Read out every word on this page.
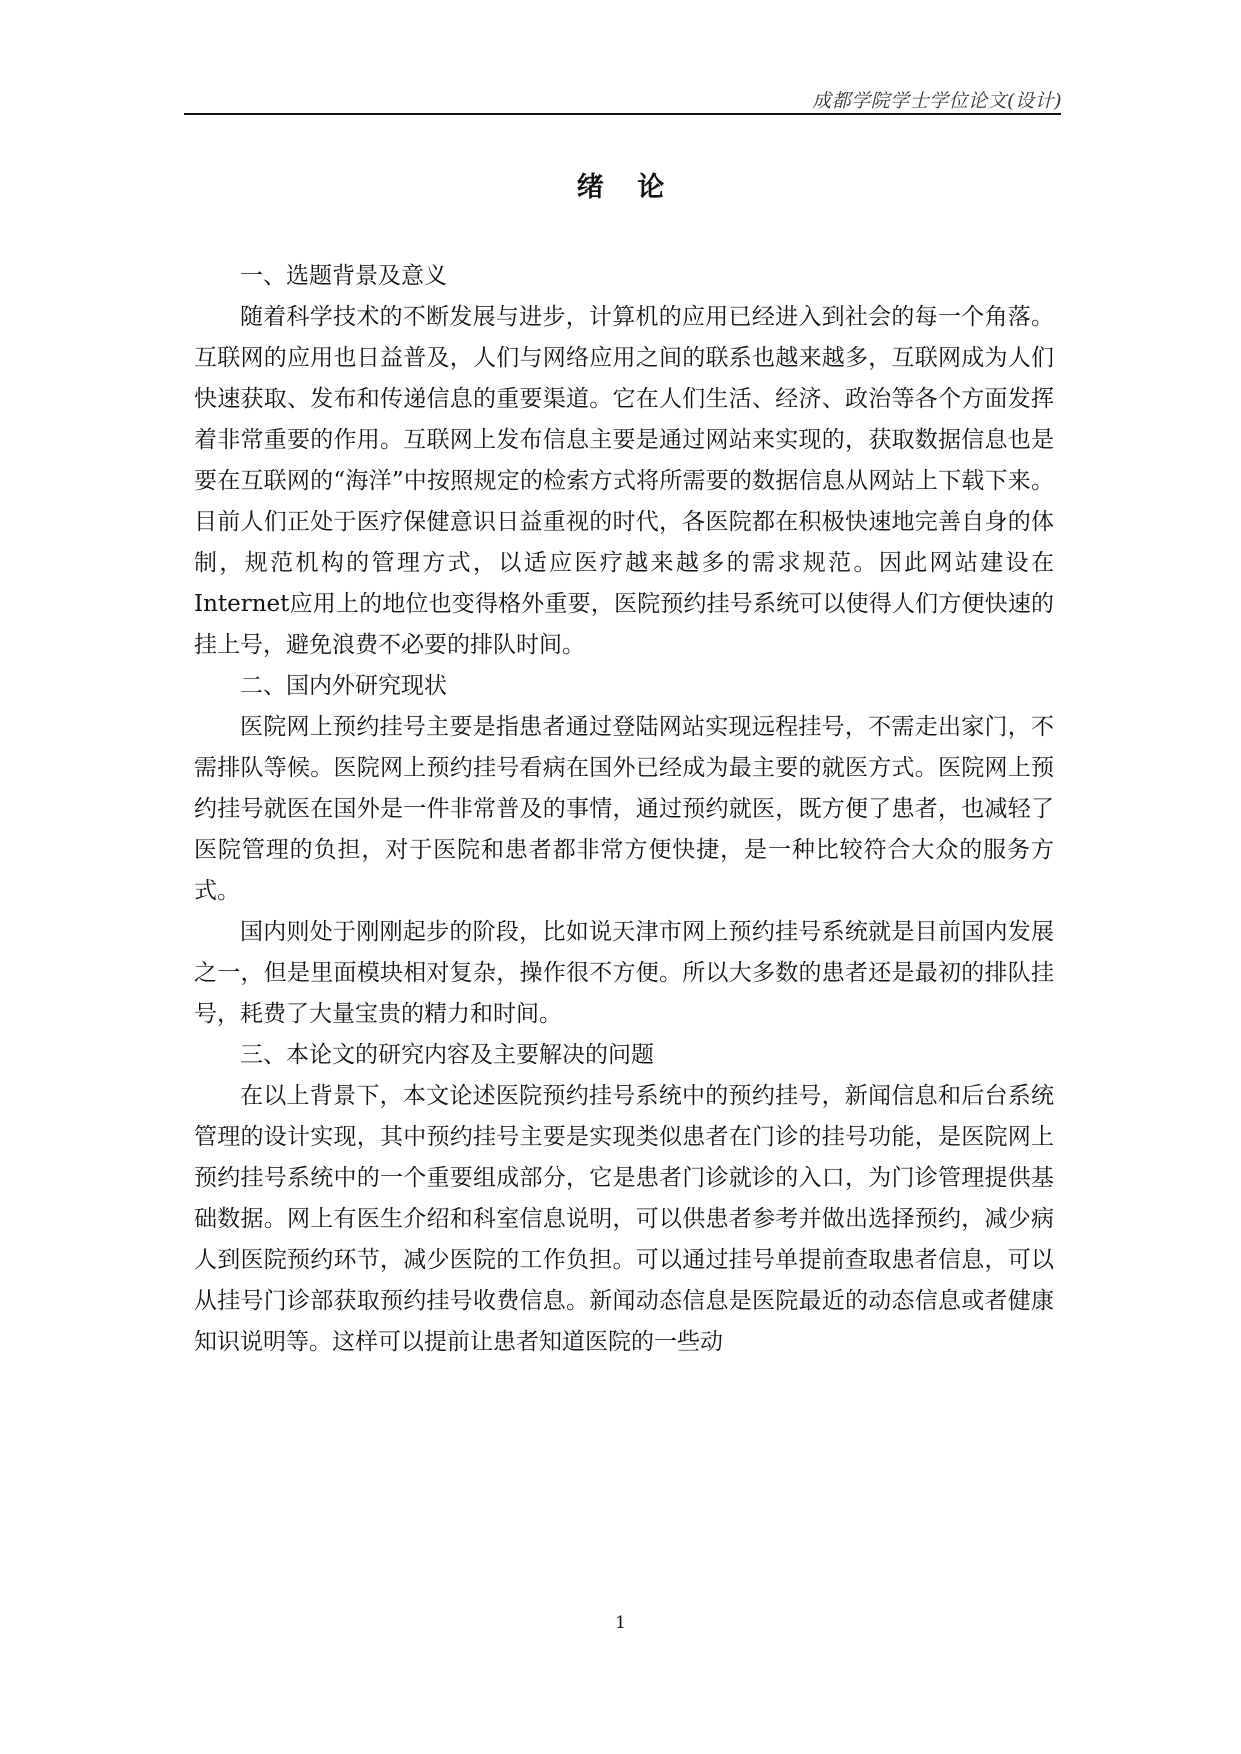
成都学院学士学位论文(设计)
绪 论

一、选题背景及意义

随着科学技术的不断发展与进步，计算机的应用已经进入到社会的每一个角落。互联网的应用也日益普及，人们与网络应用之间的联系也越来越多，互联网成为人们快速获取、发布和传递信息的重要渠道。它在人们生活、经济、政治等各个方面发挥着非常重要的作用。互联网上发布信息主要是通过网站来实现的，获取数据信息也是要在互联网的“海洋”中按照规定的检索方式将所需要的数据信息从网站上下载下来。目前人们正处于医疗保健意识日益重视的时代，各医院都在积极快速地完善自身的体制，规范机构的管理方式，以适应医疗越来越多的需求规范。因此网站建设在Internet应用上的地位也变得格外重要，医院预约挂号系统可以使得人们方便快速的挂上号，避免浪费不必要的排队时间。

二、国内外研究现状

医院网上预约挂号主要是指患者通过登陆网站实现远程挂号，不需走出家门，不需排队等候。医院网上预约挂号看病在国外已经成为最主要的就医方式。医院网上预约挂号就医在国外是一件非常普及的事情，通过预约就医，既方便了患者，也减轻了医院管理的负担，对于医院和患者都非常方便快捷，是一种比较符合大众的服务方式。

国内则处于刚刚起步的阶段，比如说天津市网上预约挂号系统就是目前国内发展之一，但是里面模块相对复杂，操作很不方便。所以大多数的患者还是最初的排队挂号，耗费了大量宝贵的精力和时间。

三、本论文的研究内容及主要解决的问题

在以上背景下，本文论述医院预约挂号系统中的预约挂号，新闻信息和后台系统管理的设计实现，其中预约挂号主要是实现类似患者在门诊的挂号功能，是医院网上预约挂号系统中的一个重要组成部分，它是患者门诊就诊的入口，为门诊管理提供基础数据。网上有医生介绍和科室信息说明，可以供患者参考并做出选择预约，减少病人到医院预约环节，减少医院的工作负担。可以通过挂号单提前查取患者信息，可以从挂号门诊部获取预约挂号收费信息。新闻动态信息是医院最近的动态信息或者健康知识说明等。这样可以提前让患者知道医院的一些动

1
